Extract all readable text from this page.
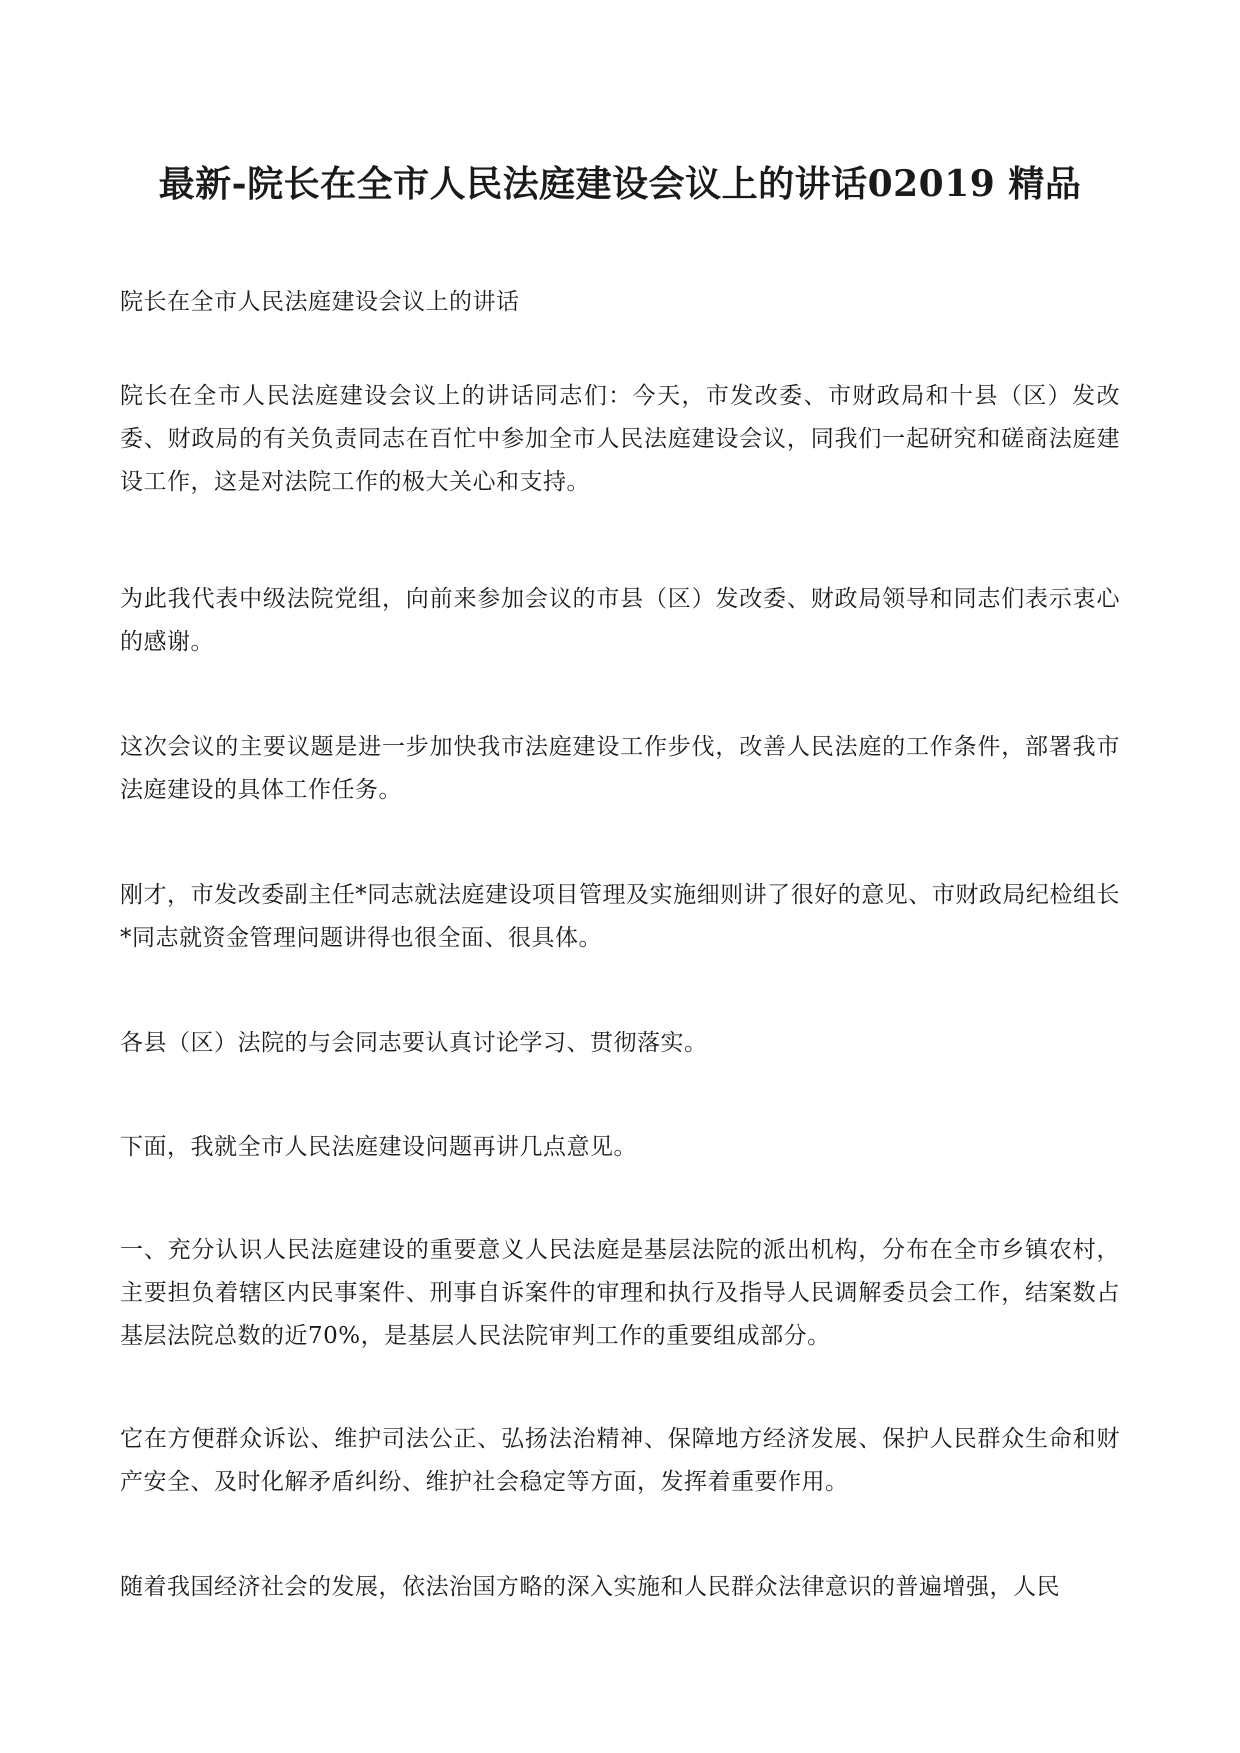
最新-院长在全市人民法庭建设会议上的讲话02019 精品

院长在全市人民法庭建设会议上的讲话

院长在全市人民法庭建设会议上的讲话同志们：今天，市发改委、市财政局和十县（区）发改委、财政局的有关负责同志在百忙中参加全市人民法庭建设会议，同我们一起研究和磋商法庭建设工作，这是对法院工作的极大关心和支持。

为此我代表中级法院党组，向前来参加会议的市县（区）发改委、财政局领导和同志们表示衷心的感谢。

这次会议的主要议题是进一步加快我市法庭建设工作步伐，改善人民法庭的工作条件，部署我市法庭建设的具体工作任务。

刚才，市发改委副主任*同志就法庭建设项目管理及实施细则讲了很好的意见、市财政局纪检组长*同志就资金管理问题讲得也很全面、很具体。

各县（区）法院的与会同志要认真讨论学习、贯彻落实。

下面，我就全市人民法庭建设问题再讲几点意见。

一、充分认识人民法庭建设的重要意义人民法庭是基层法院的派出机构，分布在全市乡镇农村，主要担负着辖区内民事案件、刑事自诉案件的审理和执行及指导人民调解委员会工作，结案数占基层法院总数的近70%，是基层人民法院审判工作的重要组成部分。

它在方便群众诉讼、维护司法公正、弘扬法治精神、保障地方经济发展、保护人民群众生命和财产安全、及时化解矛盾纠纷、维护社会稳定等方面，发挥着重要作用。

随着我国经济社会的发展，依法治国方略的深入实施和人民群众法律意识的普遍增强，人民
